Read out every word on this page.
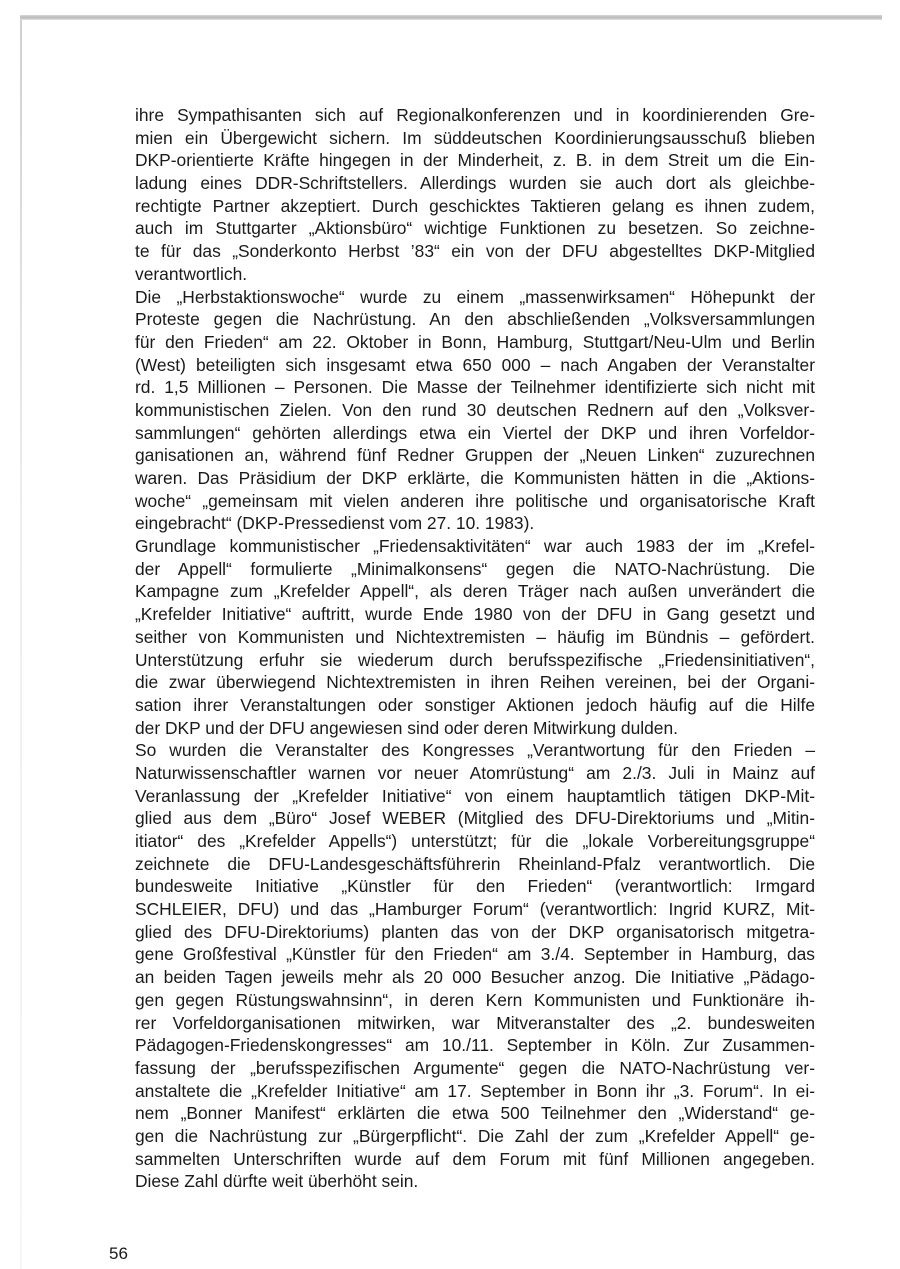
ihre Sympathisanten sich auf Regionalkonferenzen und in koordinierenden Gre-
mien ein Übergewicht sichern. Im süddeutschen Koordinierungsausschuß blieben
DKP-orientierte Kräfte hingegen in der Minderheit, z. B. in dem Streit um die Ein-
ladung eines DDR-Schriftstellers. Allerdings wurden sie auch dort als gleichbe-
rechtigte Partner akzeptiert. Durch geschicktes Taktieren gelang es ihnen zudem,
auch im Stuttgarter „Aktionsbüro“ wichtige Funktionen zu besetzen. So zeichne-
te für das „Sonderkonto Herbst ’83“ ein von der DFU abgestelltes DKP-Mitglied
verantwortlich.
Die „Herbstaktionswoche“ wurde zu einem „massenwirksamen“ Höhepunkt der
Proteste gegen die Nachrüstung. An den abschließenden „Volksversammlungen
für den Frieden“ am 22. Oktober in Bonn, Hamburg, Stuttgart/Neu-Ulm und Berlin
(West) beteiligten sich insgesamt etwa 650 000 – nach Angaben der Veranstalter
rd. 1,5 Millionen – Personen. Die Masse der Teilnehmer identifizierte sich nicht mit
kommunistischen Zielen. Von den rund 30 deutschen Rednern auf den „Volksver-
sammlungen“ gehörten allerdings etwa ein Viertel der DKP und ihren Vorfeldor-
ganisationen an, während fünf Redner Gruppen der „Neuen Linken“ zuzurechnen
waren. Das Präsidium der DKP erklärte, die Kommunisten hätten in die „Aktions-
woche“ „gemeinsam mit vielen anderen ihre politische und organisatorische Kraft
eingebracht“ (DKP-Pressedienst vom 27. 10. 1983).
Grundlage kommunistischer „Friedensaktivitäten“ war auch 1983 der im „Krefel-
der Appell“ formulierte „Minimalkonsens“ gegen die NATO-Nachrüstung. Die
Kampagne zum „Krefelder Appell“, als deren Träger nach außen unverändert die
„Krefelder Initiative“ auftritt, wurde Ende 1980 von der DFU in Gang gesetzt und
seither von Kommunisten und Nichtextremisten – häufig im Bündnis – gefördert.
Unterstützung erfuhr sie wiederum durch berufsspezifische „Friedensinitiativen“,
die zwar überwiegend Nichtextremisten in ihren Reihen vereinen, bei der Organi-
sation ihrer Veranstaltungen oder sonstiger Aktionen jedoch häufig auf die Hilfe
der DKP und der DFU angewiesen sind oder deren Mitwirkung dulden.
So wurden die Veranstalter des Kongresses „Verantwortung für den Frieden –
Naturwissenschaftler warnen vor neuer Atomrüstung“ am 2./3. Juli in Mainz auf
Veranlassung der „Krefelder Initiative“ von einem hauptamtlich tätigen DKP-Mit-
glied aus dem „Büro“ Josef WEBER (Mitglied des DFU-Direktoriums und „Mitin-
itiator“ des „Krefelder Appells“) unterstützt; für die „lokale Vorbereitungsgruppe“
zeichnete die DFU-Landesgeschäftsführerin Rheinland-Pfalz verantwortlich. Die
bundesweite Initiative „Künstler für den Frieden“ (verantwortlich: Irmgard
SCHLEIER, DFU) und das „Hamburger Forum“ (verantwortlich: Ingrid KURZ, Mit-
glied des DFU-Direktoriums) planten das von der DKP organisatorisch mitgetra-
gene Großfestival „Künstler für den Frieden“ am 3./4. September in Hamburg, das
an beiden Tagen jeweils mehr als 20 000 Besucher anzog. Die Initiative „Pädago-
gen gegen Rüstungswahnsinn“, in deren Kern Kommunisten und Funktionäre ih-
rer Vorfeldorganisationen mitwirken, war Mitveranstalter des „2. bundesweiten
Pädagogen-Friedenskongresses“ am 10./11. September in Köln. Zur Zusammen-
fassung der „berufsspezifischen Argumente“ gegen die NATO-Nachrüstung ver-
anstaltete die „Krefelder Initiative“ am 17. September in Bonn ihr „3. Forum“. In ei-
nem „Bonner Manifest“ erklärten die etwa 500 Teilnehmer den „Widerstand“ ge-
gen die Nachrüstung zur „Bürgerpflicht“. Die Zahl der zum „Krefelder Appell“ ge-
sammelten Unterschriften wurde auf dem Forum mit fünf Millionen angegeben.
Diese Zahl dürfte weit überhöht sein.
56
